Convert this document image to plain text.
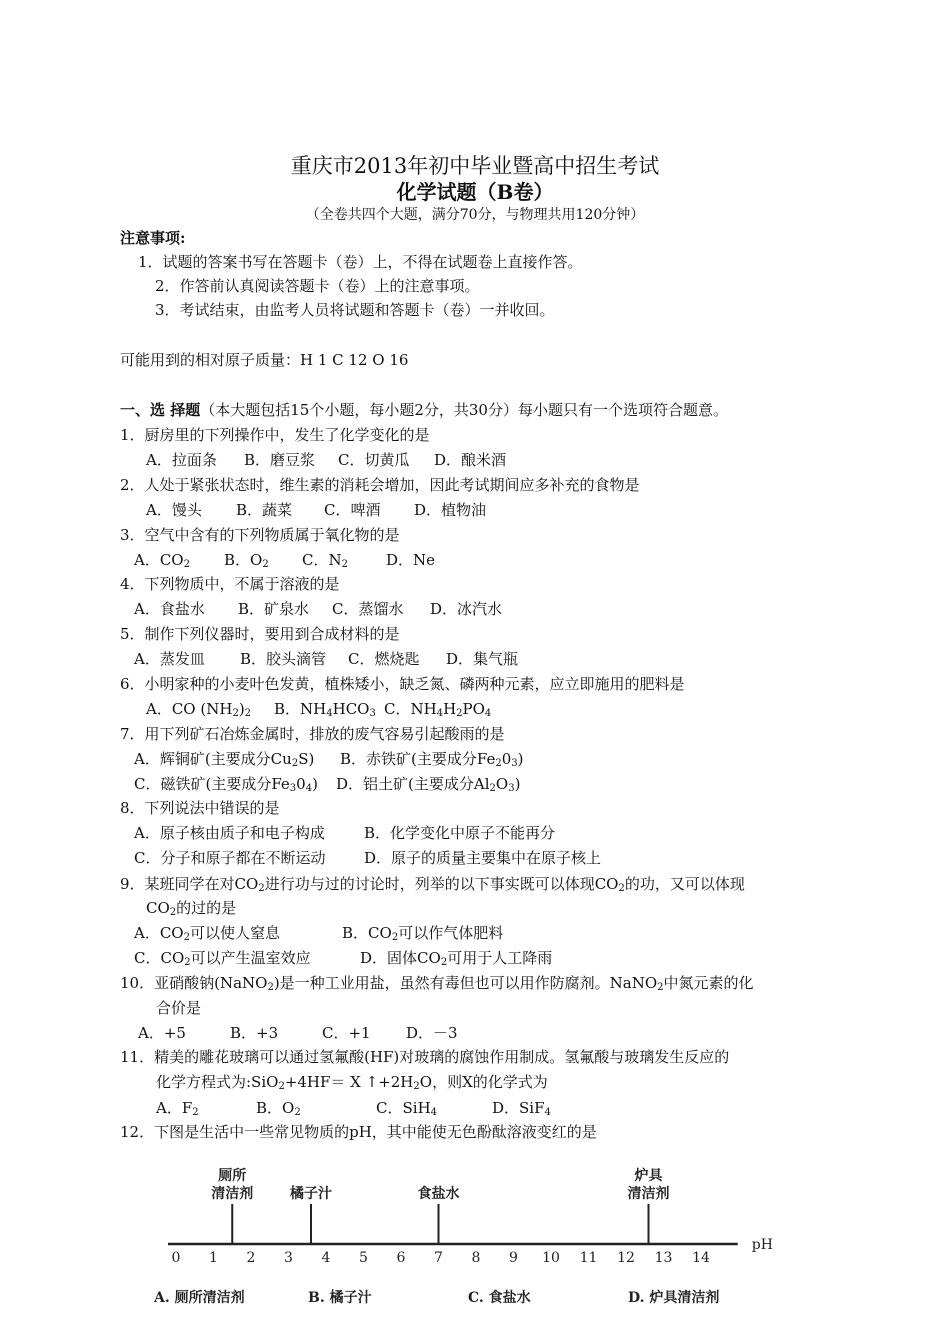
重庆市2013年初中毕业暨高中招生考试
化学试题（B卷）
（全卷共四个大题，满分70分，与物理共用120分钟）
注意事项:
1．试题的答案书写在答题卡（卷）上，不得在试题卷上直接作答。
2．作答前认真阅读答题卡（卷）上的注意事项。
3．考试结束，由监考人员将试题和答题卡（卷）一并收回。
可能用到的相对原子质量：H 1 C 12 O 16
一、选 择题（本大题包括15个小题，每小题2分，共30分）每小题只有一个选项符合题意。
1．厨房里的下列操作中，发生了化学变化的是
A．拉面条 B．磨豆浆 C．切黄瓜 D．酿米酒
2．人处于紧张状态时，维生素的消耗会增加，因此考试期间应多补充的食物是
A．馒头 B．蔬菜 C．啤酒 D．植物油
3．空气中含有的下列物质属于氧化物的是
A．$CO_2$ B．$O_2$ C．$N_2$	D．Ne
4．下列物质中，不属于溶液的是
A．食盐水 B．矿泉水 C．蒸馏水 D．冰汽水
5．制作下列仪器时，要用到合成材料的是
A．蒸发皿 B．胶头滴管 C．燃烧匙 D．集气瓶
6．小明家种的小麦叶色发黄，植株矮小，缺乏氮、磷两种元素，应立即施用的肥料是
A．CO $(NH_2)_2$ B．$NH_4HCO_3$ C．$NH_4H_2PO_4$
7．用下列矿石冶炼金属时，排放的废气容易引起酸雨的是
A．辉铜矿(主要成分$Cu_2S$) B．赤铁矿(主要成分$Fe_20_3$)
C．磁铁矿(主要成分$Fe_30_4$) D．铝土矿(主要成分$Al_2O_3$)
8．下列说法中错误的是
A．原子核由质子和电子构成	B．化学变化中原子不能再分
C．分子和原子都在不断运动	D．原子的质量主要集中在原子核上
9．某班同学在对$CO_2$进行功与过的讨论时，列举的以下事实既可以体现$CO_2$的功，又可以体现
$CO_2$的过的是
A．$CO_2$可以使人窒息	B．$CO_2$可以作气体肥料
C．$CO_2$可以产生温室效应	D．固体$CO_2$可用于人工降雨
10．亚硝酸钠(NaNO$_2$)是一种工业用盐，虽然有毒但也可以用作防腐剂。NaNO$_2$中氮元素的化
合价是
A．+5	B．+3	C．+1 D．－3
11．精美的雕花玻璃可以通过氢氟酸(HF)对玻璃的腐蚀作用制成。氢氟酸与玻璃发生反应的
化学方程式为:SiO$_2$+4HF＝ X $↑+2H_2O$，则X的化学式为
A．$F_2$	B．$O_2$	C．SiH$_4$	D．SiF$_4$
12．下图是生活中一些常见物质的pH，其中能使无色酚酞溶液变红的是
0 1 2 3 4 5 6 7 8 9 10 11 12 13 14
pH
厕所
清洁剂	橘子汁	食盐水
炉具
清洁剂
A. 厕所清洁剂	B. 橘子汁	C. 食盐水	D. 炉具清洁剂
